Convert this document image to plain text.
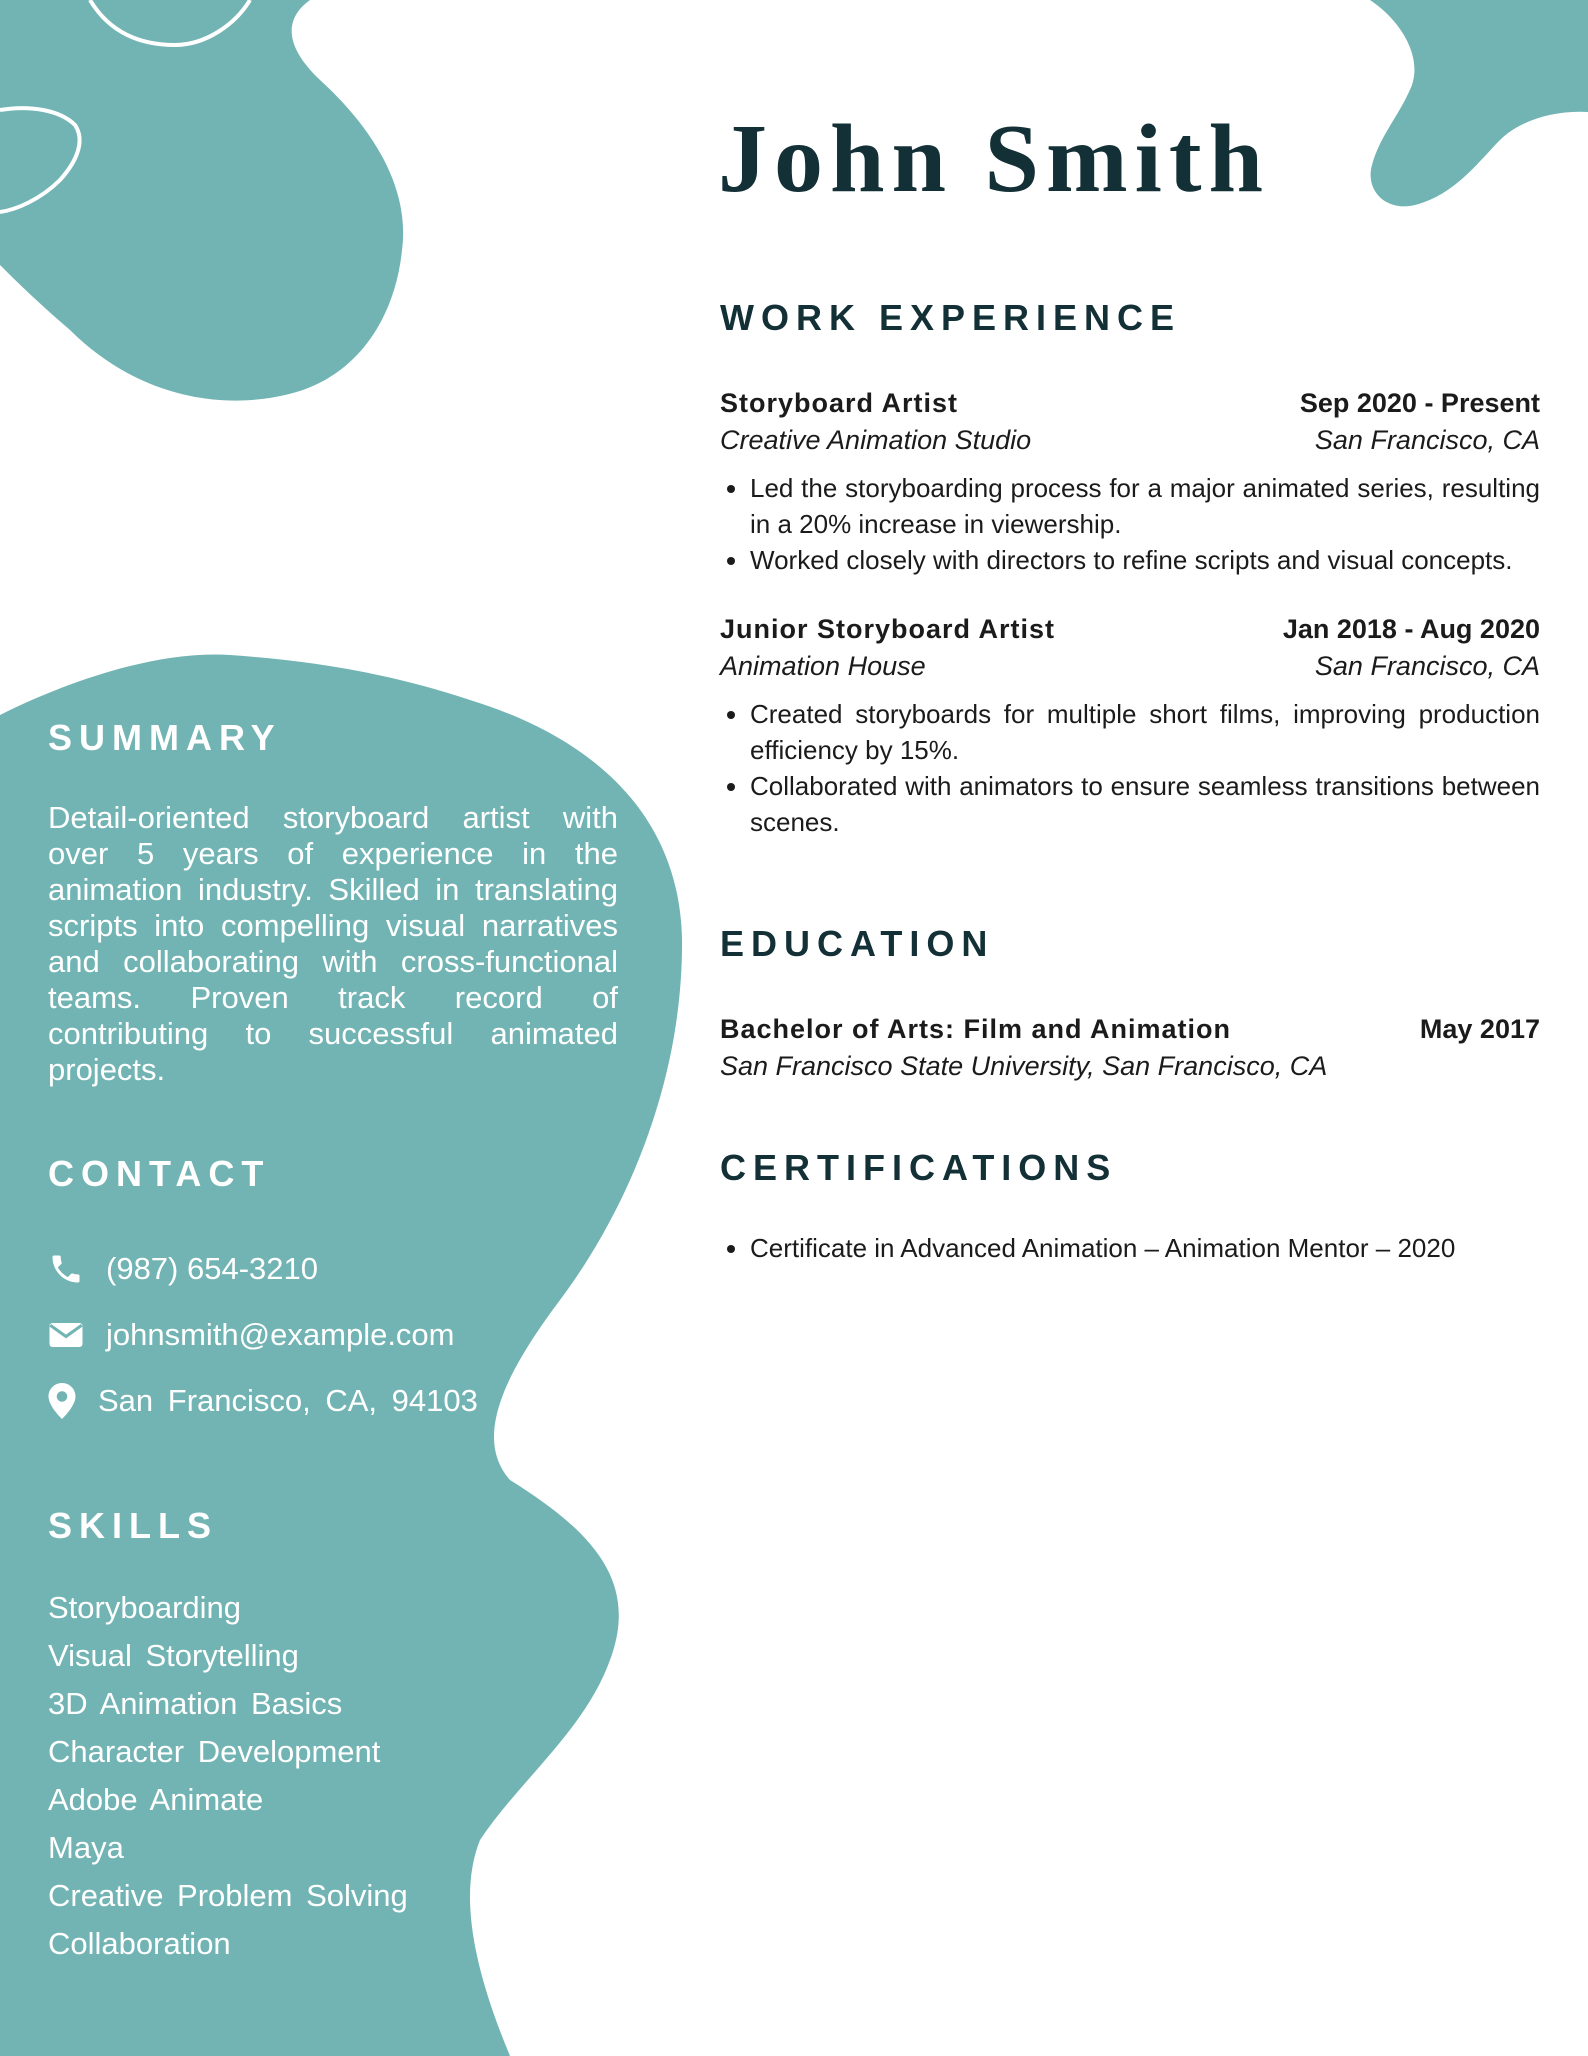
John Smith
WORK EXPERIENCE
Storyboard Artist	Sep 2020 - Present
Creative Animation Studio	San Francisco, CA
• Led the storyboarding process for a major animated series, resulting in a 20% increase in viewership.
• Worked closely with directors to refine scripts and visual concepts.
Junior Storyboard Artist	Jan 2018 - Aug 2020
Animation House	San Francisco, CA
• Created storyboards for multiple short films, improving production efficiency by 15%.
• Collaborated with animators to ensure seamless transitions between scenes.
EDUCATION
Bachelor of Arts: Film and Animation	May 2017
San Francisco State University, San Francisco, CA
CERTIFICATIONS
• Certificate in Advanced Animation – Animation Mentor – 2020
SUMMARY
Detail-oriented storyboard artist with over 5 years of experience in the animation industry. Skilled in translating scripts into compelling visual narratives and collaborating with cross-functional teams. Proven track record of contributing to successful animated projects.
CONTACT
(987) 654-3210
johnsmith@example.com
San Francisco, CA, 94103
SKILLS
Storyboarding
Visual Storytelling
3D Animation Basics
Character Development
Adobe Animate
Maya
Creative Problem Solving
Collaboration
